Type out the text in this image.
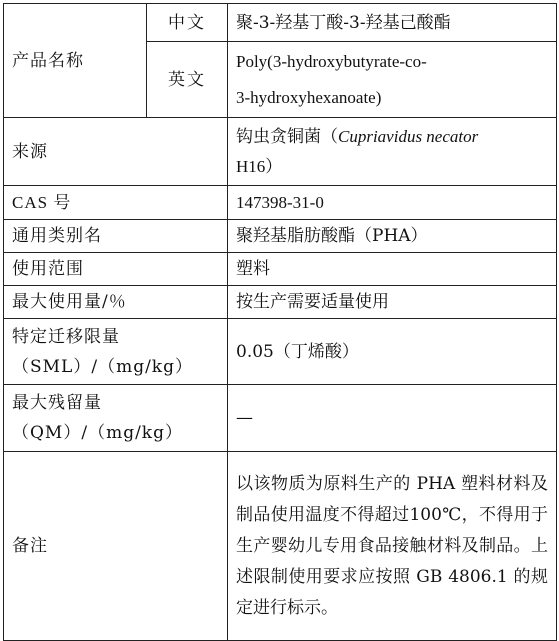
产品名称	中文	聚-3-羟基丁酸-3-羟基己酸酯
	英文	Poly(3-hydroxybutyrate-co-
3-hydroxyhexanoate)

来源		钩虫贪铜菌（Cupriavidus necator
H16）
CAS 号		147398-31-0
通用类别名		聚羟基脂肪酸酯（PHA）
使用范围		塑料
最大使用量/％		按生产需要适量使用

特定迁移限量
（SML）/（mg/kg）		0.05（丁烯酸）

最大残留量
（QM）/（mg/kg）		—
备注		以该物质为原料生产的 PHA 塑料材料及制品使用温度不得超过100℃，不得用于生产婴幼儿专用食品接触材料及制品。上述限制使用要求应按照 GB 4806.1 的规定进行标示。
